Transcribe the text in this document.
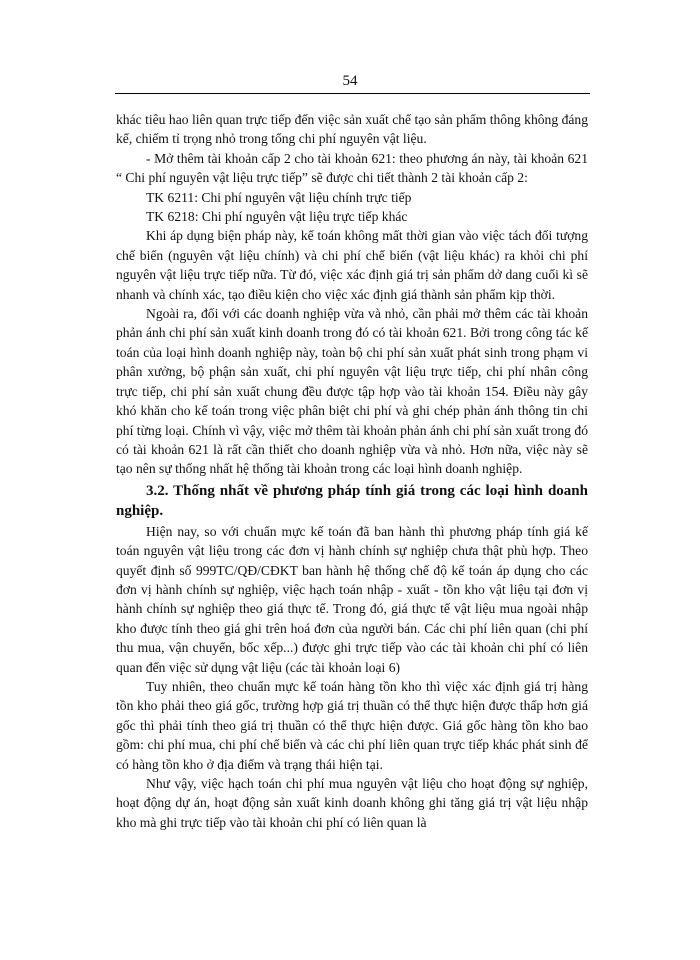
54

khác tiêu hao liên quan trực tiếp đến việc sản xuất chế tạo sản phẩm thông không đáng kể, chiếm tỉ trọng nhỏ trong tổng chi phí nguyên vật liệu.

- Mở thêm tài khoản cấp 2 cho tài khoản 621: theo phương án này, tài khoản 621 “ Chi phí nguyên vật liệu trực tiếp” sẽ được chi tiết thành 2 tài khoản cấp 2:

TK 6211: Chi phí nguyên vật liệu chính trực tiếp

TK 6218: Chi phí nguyên vật liệu trực tiếp khác

Khi áp dụng biện pháp này, kế toán không mất thời gian vào việc tách đối tượng chế biến (nguyên vật liệu chính) và chi phí chế biến (vật liệu khác) ra khỏi chi phí nguyên vật liệu trực tiếp nữa. Từ đó, việc xác định giá trị sản phẩm dở dang cuối kì sẽ nhanh và chính xác, tạo điều kiện cho việc xác định giá thành sản phẩm kịp thời.

Ngoài ra, đối với các doanh nghiệp vừa và nhỏ, cần phải mở thêm các tài khoản phản ánh chi phí sản xuất kinh doanh trong đó có tài khoản 621. Bởi trong công tác kế toán của loại hình doanh nghiệp này, toàn bộ chi phí sản xuất phát sinh trong phạm vi phân xưởng, bộ phận sản xuất, chi phí nguyên vật liệu trực tiếp, chi phí nhân công trực tiếp, chi phí sản xuất chung đều được tập hợp vào tài khoản 154. Điều này gây khó khăn cho kế toán trong việc phân biệt chi phí và ghi chép phản ánh thông tin chi phí từng loại. Chính vì vậy, việc mở thêm tài khoản phản ánh chi phí sản xuất trong đó có tài khoản 621 là rất cần thiết cho doanh nghiệp vừa và nhỏ. Hơn nữa, việc này sẽ tạo nên sự thống nhất hệ thống tài khoản trong các loại hình doanh nghiệp.

3.2. Thống nhất về phương pháp tính giá trong các loại hình doanh nghiệp.

Hiện nay, so với chuẩn mực kế toán đã ban hành thì phương pháp tính giá kế toán nguyên vật liệu trong các đơn vị hành chính sự nghiệp chưa thật phù hợp. Theo quyết định số 999TC/QĐ/CĐKT ban hành hệ thống chế độ kế toán áp dụng cho các đơn vị hành chính sự nghiệp, việc hạch toán nhập - xuất - tồn kho vật liệu tại đơn vị hành chính sự nghiệp theo giá thực tế. Trong đó, giá thực tế vật liệu mua ngoài nhập kho được tính theo giá ghi trên hoá đơn của người bán. Các chi phí liên quan (chi phí thu mua, vận chuyển, bốc xếp...) được ghi trực tiếp vào các tài khoản chi phí có liên quan đến việc sử dụng vật liệu (các tài khoản loại 6)

Tuy nhiên, theo chuẩn mực kế toán hàng tồn kho thì việc xác định giá trị hàng tồn kho phải theo giá gốc, trường hợp giá trị thuần có thể thực hiện được thấp hơn giá gốc thì phải tính theo giá trị thuần có thể thực hiện được. Giá gốc hàng tồn kho bao gồm: chi phí mua, chi phí chế biến và các chi phí liên quan trực tiếp khác phát sinh để có hàng tồn kho ở địa điểm và trạng thái hiện tại.

Như vậy, việc hạch toán chi phí mua nguyên vật liệu cho hoạt động sự nghiệp, hoạt động dự án, hoạt động sản xuất kinh doanh không ghi tăng giá trị vật liệu nhập kho mà ghi trực tiếp vào tài khoản chi phí có liên quan là
